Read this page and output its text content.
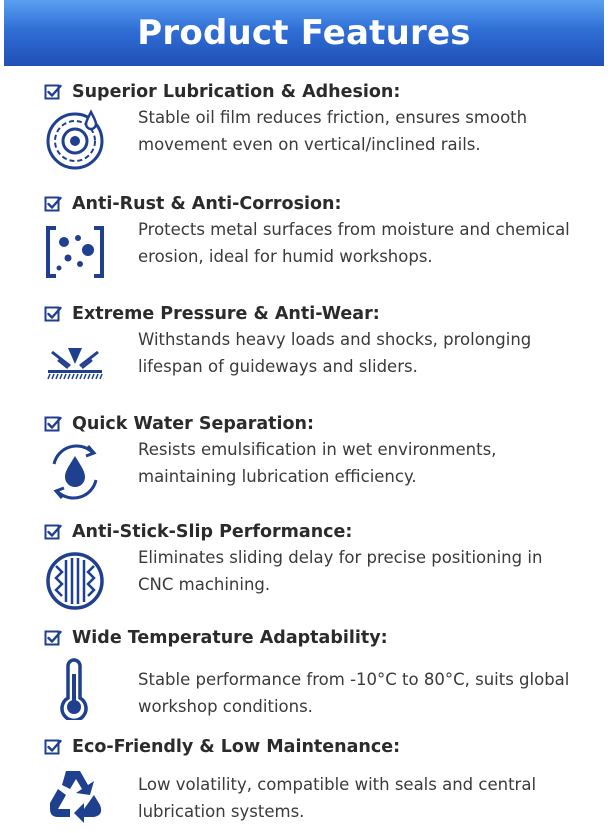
Product Features
Superior Lubrication & Adhesion:
Stable oil film reduces friction, ensures smooth movement even on vertical/inclined rails.
Anti-Rust & Anti-Corrosion:
Protects metal surfaces from moisture and chemical erosion, ideal for humid workshops.
Extreme Pressure & Anti-Wear:
Withstands heavy loads and shocks, prolonging lifespan of guideways and sliders.
Quick Water Separation:
Resists emulsification in wet environments, maintaining lubrication efficiency.
Anti-Stick-Slip Performance:
Eliminates sliding delay for precise positioning in CNC machining.
Wide Temperature Adaptability:
Stable performance from -10°C to 80°C, suits global workshop conditions.
Eco-Friendly & Low Maintenance:
Low volatility, compatible with seals and central lubrication systems.
